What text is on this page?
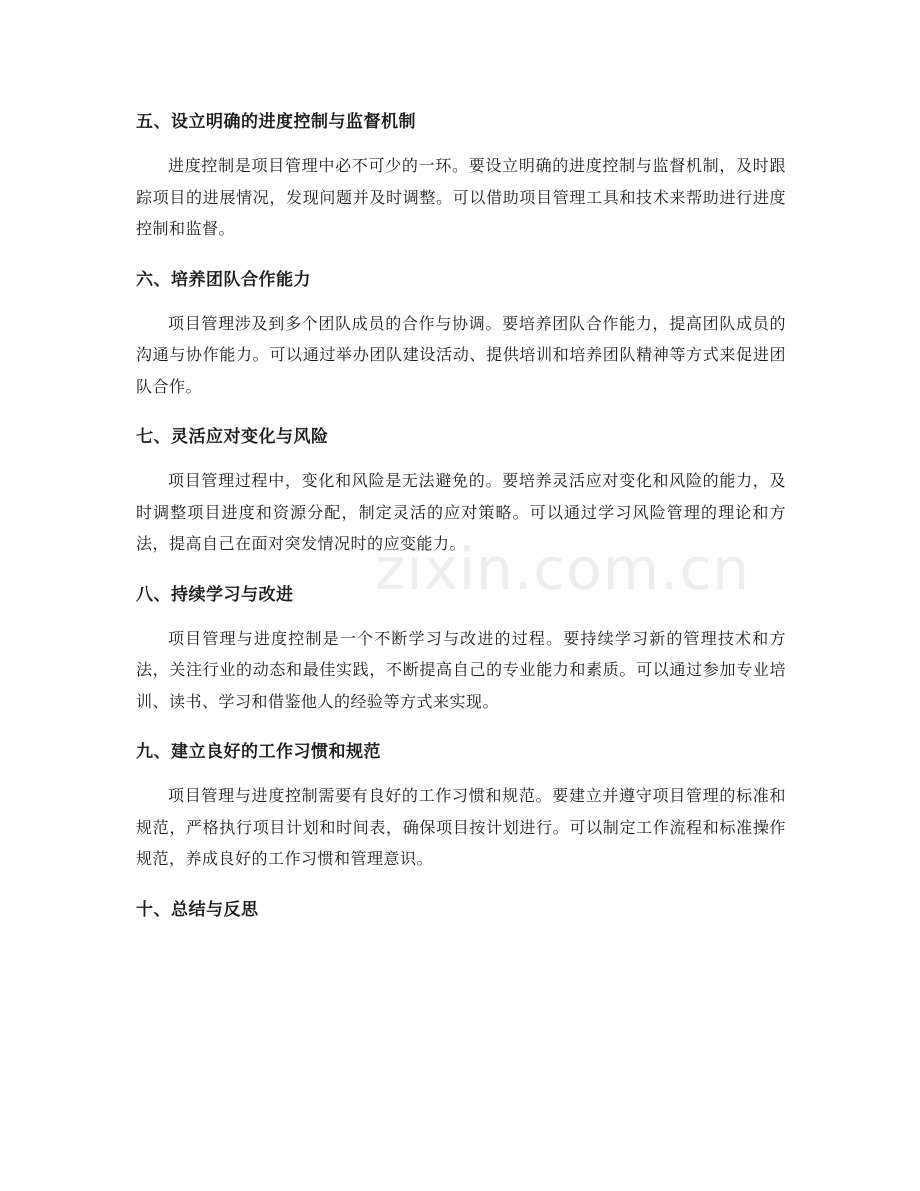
五、设立明确的进度控制与监督机制

进度控制是项目管理中必不可少的一环。要设立明确的进度控制与监督机制，及时跟踪项目的进展情况，发现问题并及时调整。可以借助项目管理工具和技术来帮助进行进度控制和监督。

六、培养团队合作能力

项目管理涉及到多个团队成员的合作与协调。要培养团队合作能力，提高团队成员的沟通与协作能力。可以通过举办团队建设活动、提供培训和培养团队精神等方式来促进团队合作。

七、灵活应对变化与风险

项目管理过程中，变化和风险是无法避免的。要培养灵活应对变化和风险的能力，及时调整项目进度和资源分配，制定灵活的应对策略。可以通过学习风险管理的理论和方法，提高自己在面对突发情况时的应变能力。

八、持续学习与改进

项目管理与进度控制是一个不断学习与改进的过程。要持续学习新的管理技术和方法，关注行业的动态和最佳实践，不断提高自己的专业能力和素质。可以通过参加专业培训、读书、学习和借鉴他人的经验等方式来实现。

九、建立良好的工作习惯和规范

项目管理与进度控制需要有良好的工作习惯和规范。要建立并遵守项目管理的标准和规范，严格执行项目计划和时间表，确保项目按计划进行。可以制定工作流程和标准操作规范，养成良好的工作习惯和管理意识。

十、总结与反思
zixin.com.cn
